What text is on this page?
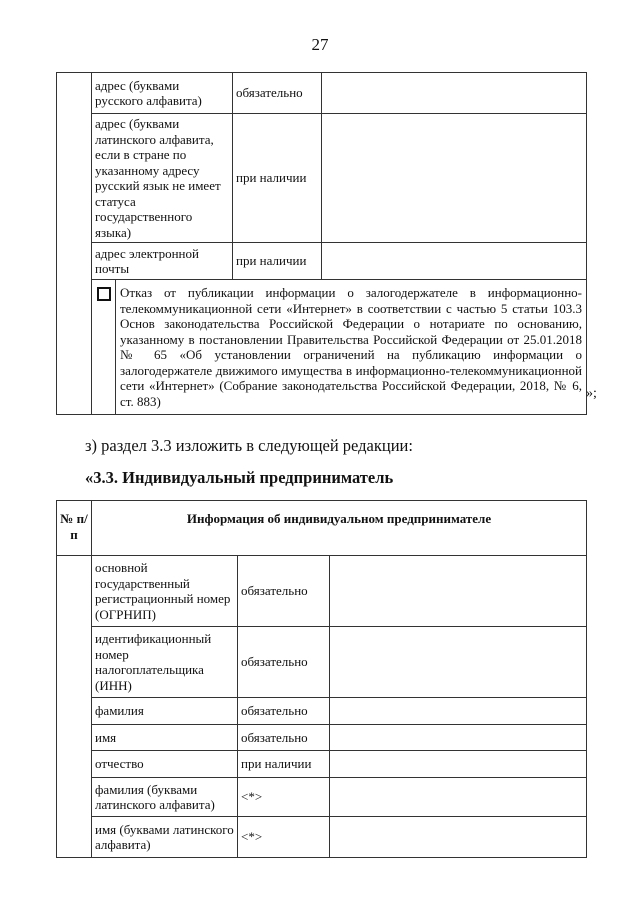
27
	адрес (буквами русского алфавита)		обязательно	
	адрес (буквами латинского алфавита, если в стране по указанному адресу русский язык не имеет статуса государственного языка)		при наличии	
	адрес электронной почты		при наличии	
		Отказ от публикации информации о залогодержателе в информационно-телекоммуникационной сети «Интернет» в соответствии с частью 5 статьи 103.3 Основ законодательства Российской Федерации о нотариате по основанию, указанному в постановлении Правительства Российской Федерации от 25.01.2018 № 65 «Об установлении ограничений на публикацию информации о залогодержателе движимого имущества в информационно-телекоммуникационной сети «Интернет» (Собрание законодательства Российской Федерации, 2018, № 6, ст. 883)			»;
з) раздел 3.3 изложить в следующей редакции:
«3.3. Индивидуальный предприниматель
№ п/п	Информация об индивидуальном предпринимателе		
	основной государственный регистрационный номер (ОГРНИП)	обязательно	
	идентификационный номер налогоплательщика (ИНН)	обязательно	
	фамилия	обязательно	
	имя	обязательно	
	отчество	при наличии	
	фамилия (буквами латинского алфавита)	<*>	
	имя (буквами латинского алфавита)	<*>	
